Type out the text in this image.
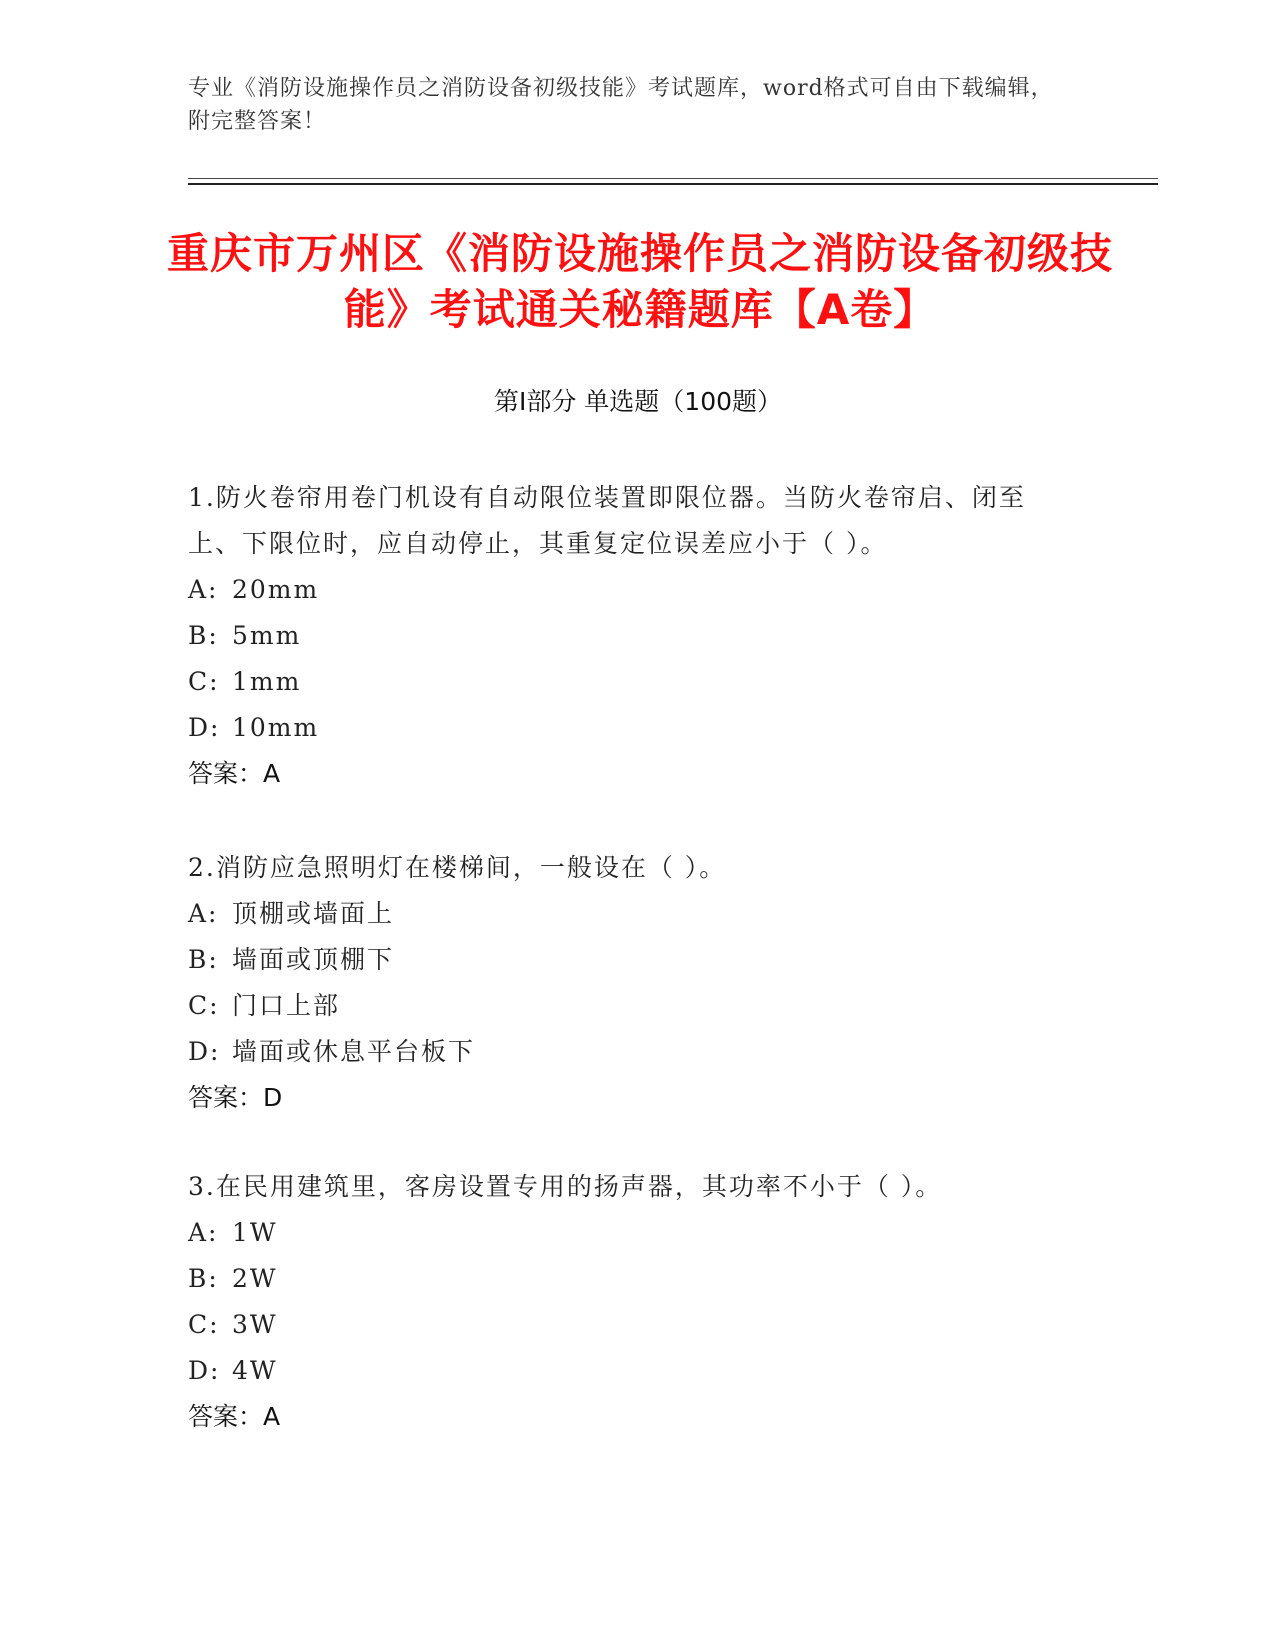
专业《消防设施操作员之消防设备初级技能》考试题库，word格式可自由下载编辑，附完整答案！
重庆市万州区《消防设施操作员之消防设备初级技能》考试通关秘籍题库【A卷】
第I部分 单选题（100题）
1.防火卷帘用卷门机设有自动限位装置即限位器。当防火卷帘启、闭至上、下限位时，应自动停止，其重复定位误差应小于（ ）。
A: 20mm
B: 5mm
C: 1mm
D: 10mm
答案：A
2.消防应急照明灯在楼梯间，一般设在（ ）。
A: 顶棚或墙面上
B: 墙面或顶棚下
C: 门口上部
D: 墙面或休息平台板下
答案：D
3.在民用建筑里，客房设置专用的扬声器，其功率不小于（ ）。
A: 1W
B: 2W
C: 3W
D: 4W
答案：A
